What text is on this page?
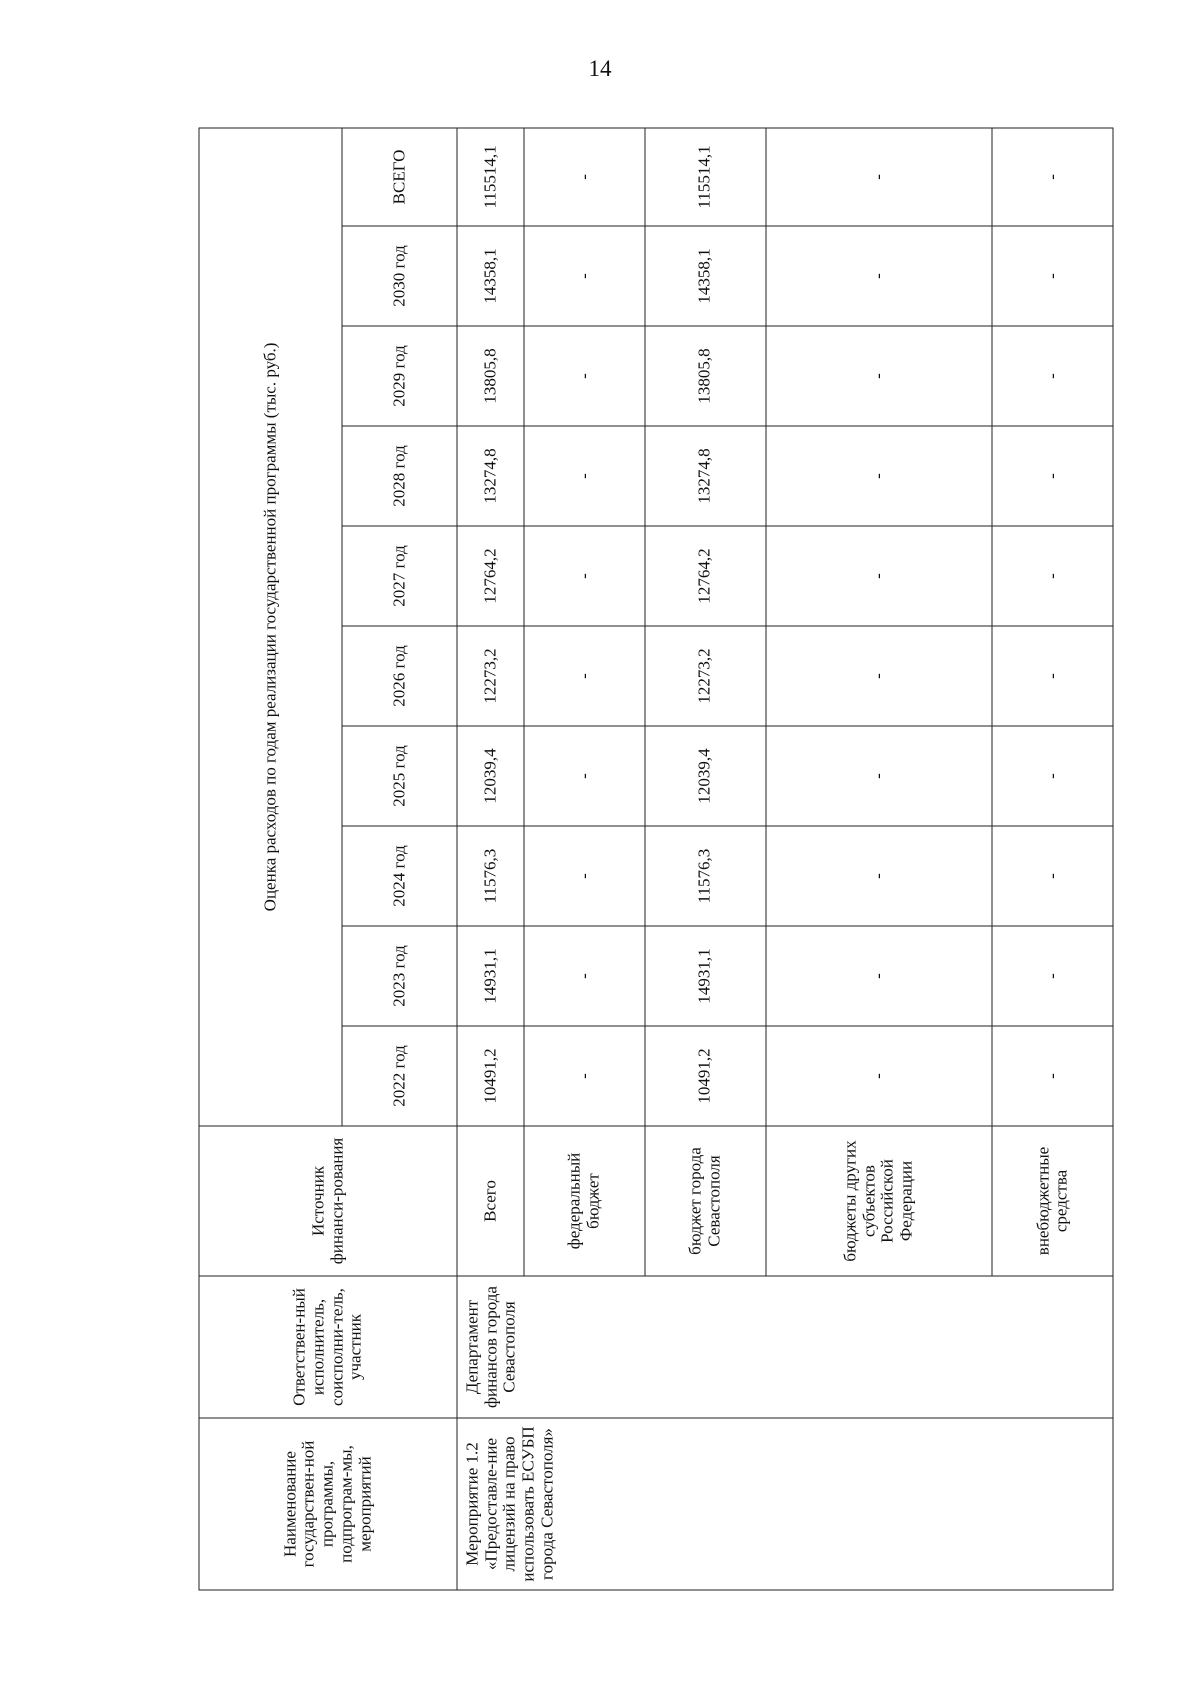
14
Наименование государствен-ной программы, подпрограм-мы, мероприятий	Ответствен-ный исполнитель, соисполни-тель, участник	Источник финанси-рования	Оценка расходов по годам реализации государственной программы (тыс. руб.)									
			2022 год	2023 год	2024 год	2025 год	2026 год	2027 год	2028 год	2029 год	2030 год	ВСЕГО
Мероприятие 1.2 «Предоставле-ние лицензий на право использовать ЕСУБП города Севастополя»	Департамент финансов города Севастополя	Всего	10491,2	14931,1	11576,3	12039,4	12273,2	12764,2	13274,8	13805,8	14358,1	115514,1
		федеральный бюджет	-	-	-	-	-	-	-	-	-	-
		бюджет города Севастополя	10491,2	14931,1	11576,3	12039,4	12273,2	12764,2	13274,8	13805,8	14358,1	115514,1
		бюджеты других субъектов Российской Федерации	-	-	-	-	-	-	-	-	-	-
		внебюджетные средства	-	-	-	-	-	-	-	-	-	-
